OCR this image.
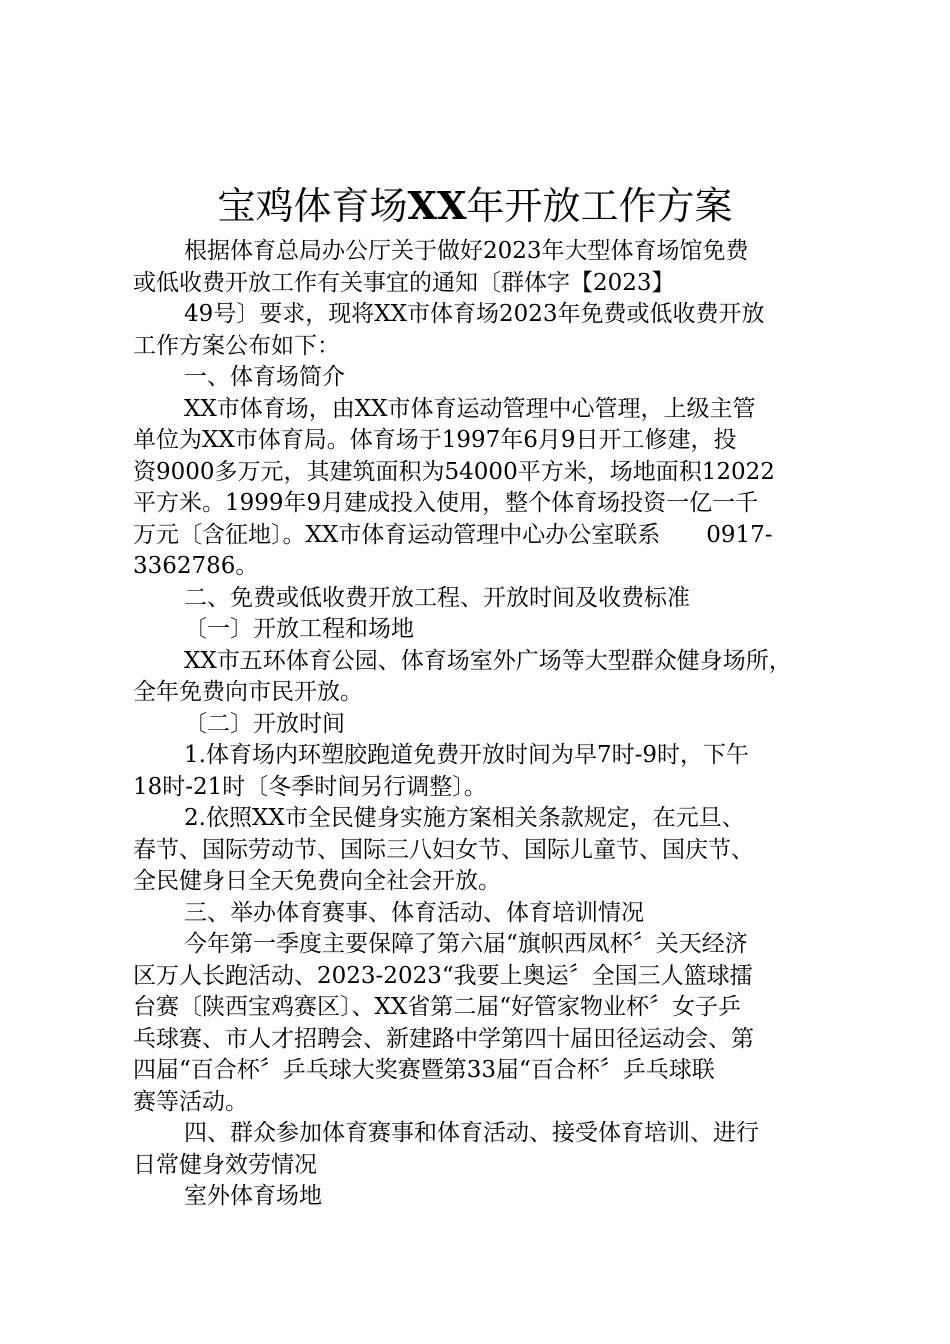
宝鸡体育场XX年开放工作方案
根据体育总局办公厅关于做好2023年大型体育场馆免费
或低收费开放工作有关事宜的通知〔群体字【2023】
49号〕要求，现将XX市体育场2023年免费或低收费开放
工作方案公布如下：
一、体育场简介
XX市体育场，由XX市体育运动管理中心管理，上级主管
单位为XX市体育局。体育场于1997年6月9日开工修建，投
资9000多万元，其建筑面积为54000平方米，场地面积12022
平方米。1999年9月建成投入使用，整个体育场投资一亿一千
万元〔含征地〕。XX市体育运动管理中心办公室联系　　0917-
3362786。
二、免费或低收费开放工程、开放时间及收费标准
〔一〕开放工程和场地
XX市五环体育公园、体育场室外广场等大型群众健身场所，
全年免费向市民开放。
〔二〕开放时间
1.体育场内环塑胶跑道免费开放时间为早7时-9时，下午
18时-21时〔冬季时间另行调整〕。
2.依照XX市全民健身实施方案相关条款规定，在元旦、
春节、国际劳动节、国际三八妇女节、国际儿童节、国庆节、
全民健身日全天免费向全社会开放。
三、举办体育赛事、体育活动、体育培训情况
今年第一季度主要保障了第六届“旗帜西凤杯〞关天经济
区万人长跑活动、2023-2023“我要上奥运〞全国三人篮球擂
台赛〔陕西宝鸡赛区〕、XX省第二届“好管家物业杯〞女子乒
乓球赛、市人才招聘会、新建路中学第四十届田径运动会、第
四届“百合杯〞乒乓球大奖赛暨第33届“百合杯〞乒乓球联
赛等活动。
四、群众参加体育赛事和体育活动、接受体育培训、进行
日常健身效劳情况
室外体育场地
